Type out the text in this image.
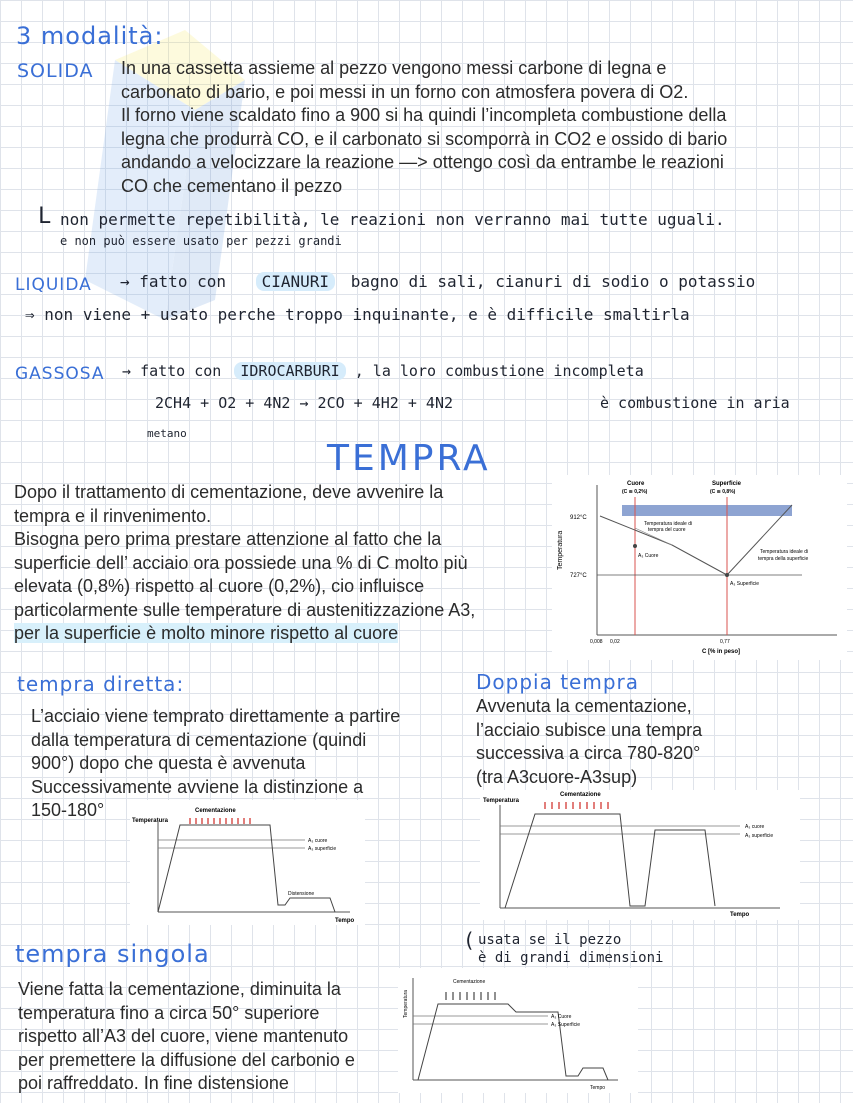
3 modalità:
SOLIDA In una cassetta assieme al pezzo vengono messi carbone di legna e
carbonato di bario, e poi messi in un forno con atmosfera povera di O2.
Il forno viene scaldato fino a 900 si ha quindi l’incompleta combustione della
legna che produrrà CO, e il carbonato si scomporrà in CO2 e ossido di bario
andando a velocizzare la reazione —> ottengo così da entrambe le reazioni
CO che cementano il pezzo
L non permette repetibilità, le reazioni non verranno mai tutte uguali.
e non può essere usato per pezzi grandi
LIQUIDA → fatto con CIANURI bagno di sali, cianuri di sodio o potassio
⇒ non viene + usato perche troppo inquinante, e è difficile smaltirla
GASSOSA → fatto con IDROCARBURI , la loro combustione incompleta
2CH4 + O2 + 4N2 → 2CO + 4H2 + 4N2	è combustione in aria
metano
TEMPRA
Dopo il trattamento di cementazione, deve avvenire la
tempra e il rinvenimento.
Bisogna pero prima prestare attenzione al fatto che la
superficie dell’ acciaio ora possiede una % di C molto più
elevata (0,8%) rispetto al cuore (0,2%), cio influisce
particolarmente sulle temperature di austenitizzazione A3,
per la superficie è molto minore rispetto al cuore
Temperatura
Cuore
(C ≅ 0,2%)
Superficie
(C ≅ 0,8%)
Temperatura ideale di
tempra del cuore
Temperatura ideale di
tempra della superficie
A₃ Cuore
A₃ Superficie
912°C
727°C
0,008 0,02	0,77
C [% in peso]
tempra diretta:
L’acciaio viene temprato direttamente a partire
dalla temperatura di cementazione (quindi
900°) dopo che questa è avvenuta
Successivamente avviene la distinzione a
150-180°
Temperatura
Cementazione
A₃ cuore
A₃ superficie
Distensione
Tempo
Doppia tempra
Avvenuta la cementazione,
l’acciaio subisce una tempra
successiva a circa 780-820°
(tra A3cuore-A3sup)
Temperatura
Cementazione
A₃ cuore
A₃ superficie
Tempo
( usata se il pezzo
è di grandi dimensioni
tempra singola
Viene fatta la cementazione, diminuita la
temperatura fino a circa 50° superiore
rispetto all’A3 del cuore, viene mantenuto
per premettere la diffusione del carbonio e
poi raffreddato. In fine distensione
Temperatura
Cementazione
A₃ Cuore
A₃ Superficie
Tempo
